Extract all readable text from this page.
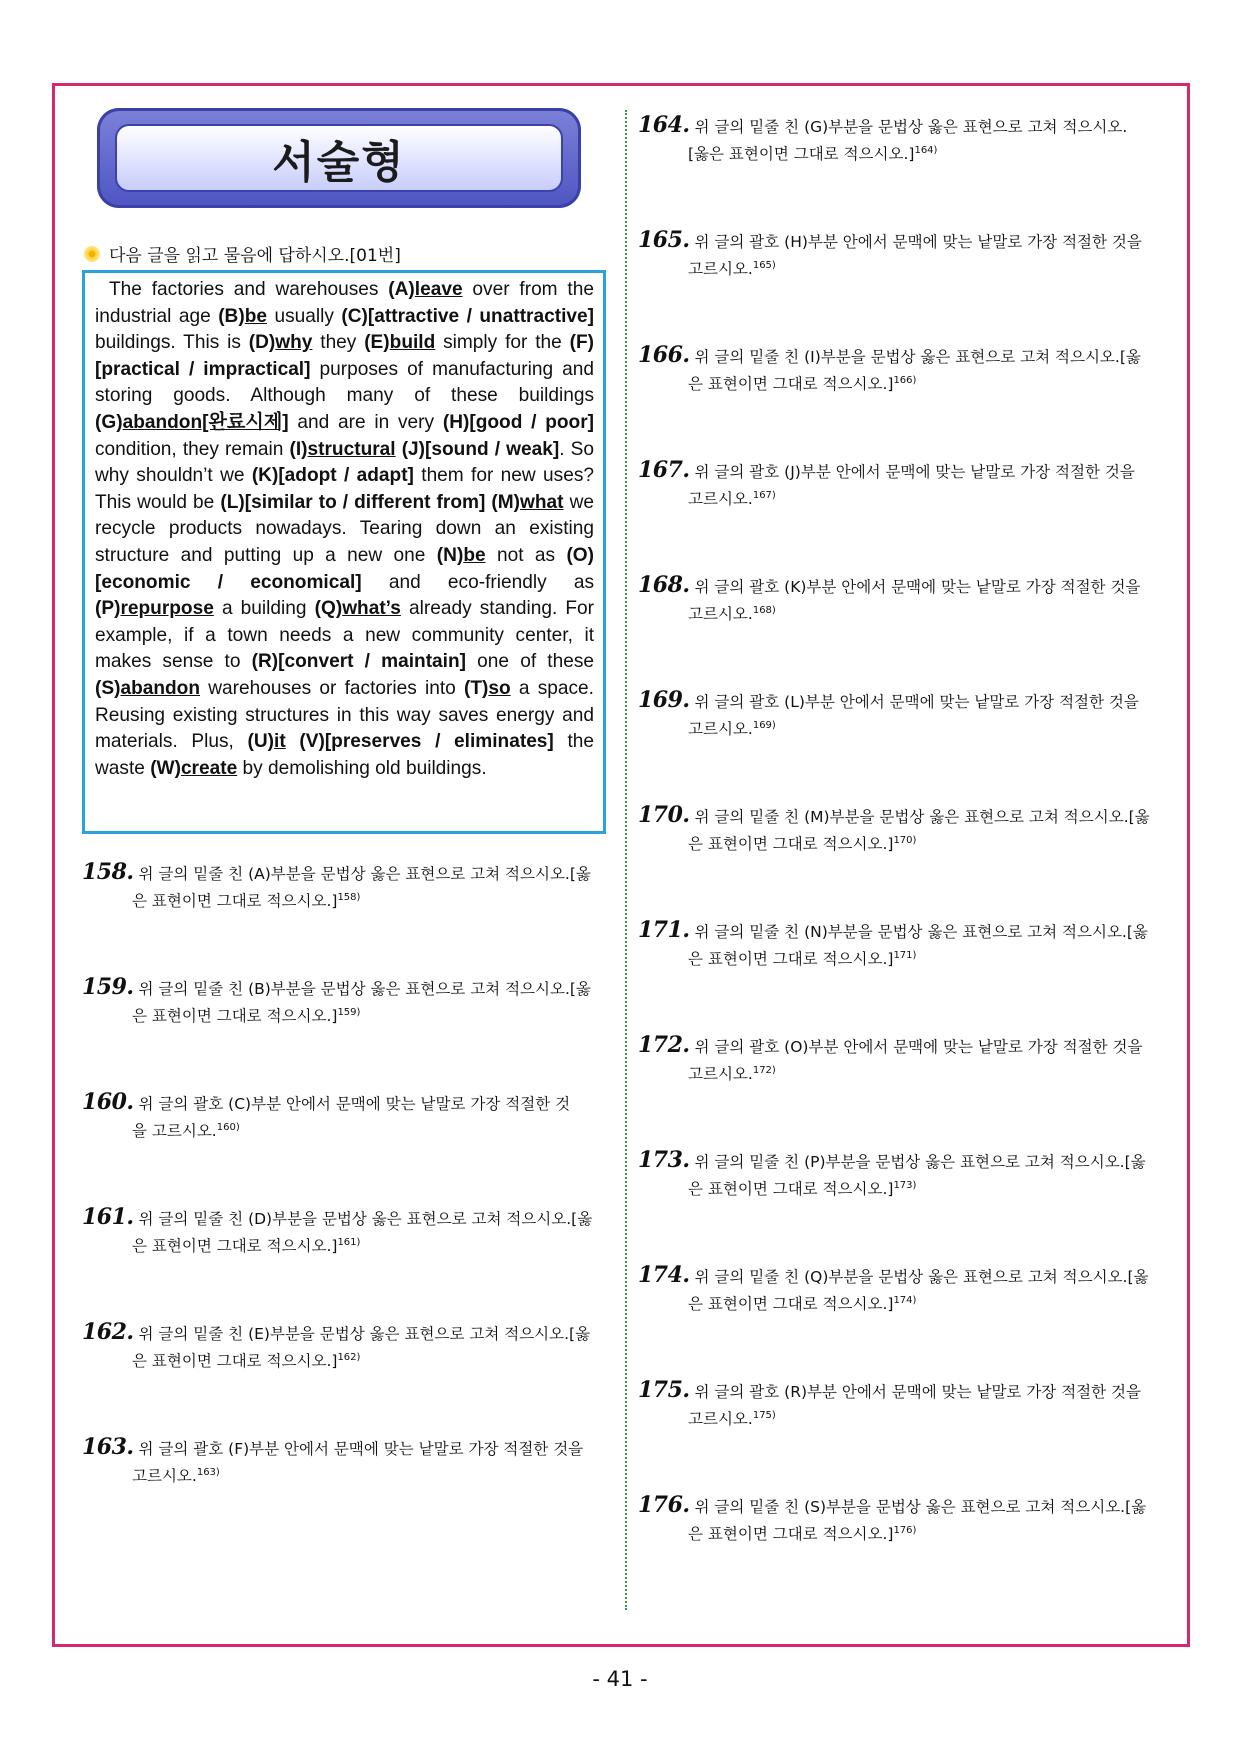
서술형
다음 글을 읽고 물음에 답하시오.[01번]

The factories and warehouses (A)leave over from the industrial age (B)be usually (C)[attractive / unattractive] buildings. This is (D)why they (E)build simply for the (F)[practical / impractical] purposes of manufacturing and storing goods. Although many of these buildings (G)abandon[완료시제] and are in very (H)[good / poor] condition, they remain (I)structural (J)[sound / weak]. So why shouldn’t we (K)[adopt / adapt] them for new uses? This would be (L)[similar to / different from] (M)what we recycle products nowadays. Tearing down an existing structure and putting up a new one (N)be not as (O)[economic / economical] and eco-friendly as (P)repurpose a building (Q)what’s already standing. For example, if a town needs a new community center, it makes sense to (R)[convert / maintain] one of these (S)abandon warehouses or factories into (T)so a space. Reusing existing structures in this way saves energy and materials. Plus, (U)it (V)[preserves / eliminates] the waste (W)create by demolishing old buildings.

158. 위 글의 밑줄 친 (A)부분을 문법상 옳은 표현으로 고쳐 적으시오.[옳
은 표현이면 그대로 적으시오.]$^{158)}$
159. 위 글의 밑줄 친 (B)부분을 문법상 옳은 표현으로 고쳐 적으시오.[옳
은 표현이면 그대로 적으시오.]$^{159)}$
160. 위 글의 괄호 (C)부분 안에서 문맥에 맞는 낱말로 가장 적절한 것
을 고르시오.$^{160)}$
161. 위 글의 밑줄 친 (D)부분을 문법상 옳은 표현으로 고쳐 적으시오.[옳
은 표현이면 그대로 적으시오.]$^{161)}$
162. 위 글의 밑줄 친 (E)부분을 문법상 옳은 표현으로 고쳐 적으시오.[옳
은 표현이면 그대로 적으시오.]$^{162)}$
163. 위 글의 괄호 (F)부분 안에서 문맥에 맞는 낱말로 가장 적절한 것을
고르시오.$^{163)}$
164. 위 글의 밑줄 친 (G)부분을 문법상 옳은 표현으로 고쳐 적으시오.
[옳은 표현이면 그대로 적으시오.]$^{164)}$
165. 위 글의 괄호 (H)부분 안에서 문맥에 맞는 낱말로 가장 적절한 것을
고르시오.$^{165)}$
166. 위 글의 밑줄 친 (I)부분을 문법상 옳은 표현으로 고쳐 적으시오.[옳
은 표현이면 그대로 적으시오.]$^{166)}$
167. 위 글의 괄호 (J)부분 안에서 문맥에 맞는 낱말로 가장 적절한 것을
고르시오.$^{167)}$
168. 위 글의 괄호 (K)부분 안에서 문맥에 맞는 낱말로 가장 적절한 것을
고르시오.$^{168)}$
169. 위 글의 괄호 (L)부분 안에서 문맥에 맞는 낱말로 가장 적절한 것을
고르시오.$^{169)}$
170. 위 글의 밑줄 친 (M)부분을 문법상 옳은 표현으로 고쳐 적으시오.[옳
은 표현이면 그대로 적으시오.]$^{170)}$
171. 위 글의 밑줄 친 (N)부분을 문법상 옳은 표현으로 고쳐 적으시오.[옳
은 표현이면 그대로 적으시오.]$^{171)}$
172. 위 글의 괄호 (O)부분 안에서 문맥에 맞는 낱말로 가장 적절한 것을
고르시오.$^{172)}$
173. 위 글의 밑줄 친 (P)부분을 문법상 옳은 표현으로 고쳐 적으시오.[옳
은 표현이면 그대로 적으시오.]$^{173)}$
174. 위 글의 밑줄 친 (Q)부분을 문법상 옳은 표현으로 고쳐 적으시오.[옳
은 표현이면 그대로 적으시오.]$^{174)}$
175. 위 글의 괄호 (R)부분 안에서 문맥에 맞는 낱말로 가장 적절한 것을
고르시오.$^{175)}$
176. 위 글의 밑줄 친 (S)부분을 문법상 옳은 표현으로 고쳐 적으시오.[옳
은 표현이면 그대로 적으시오.]$^{176)}$
- 41 -
